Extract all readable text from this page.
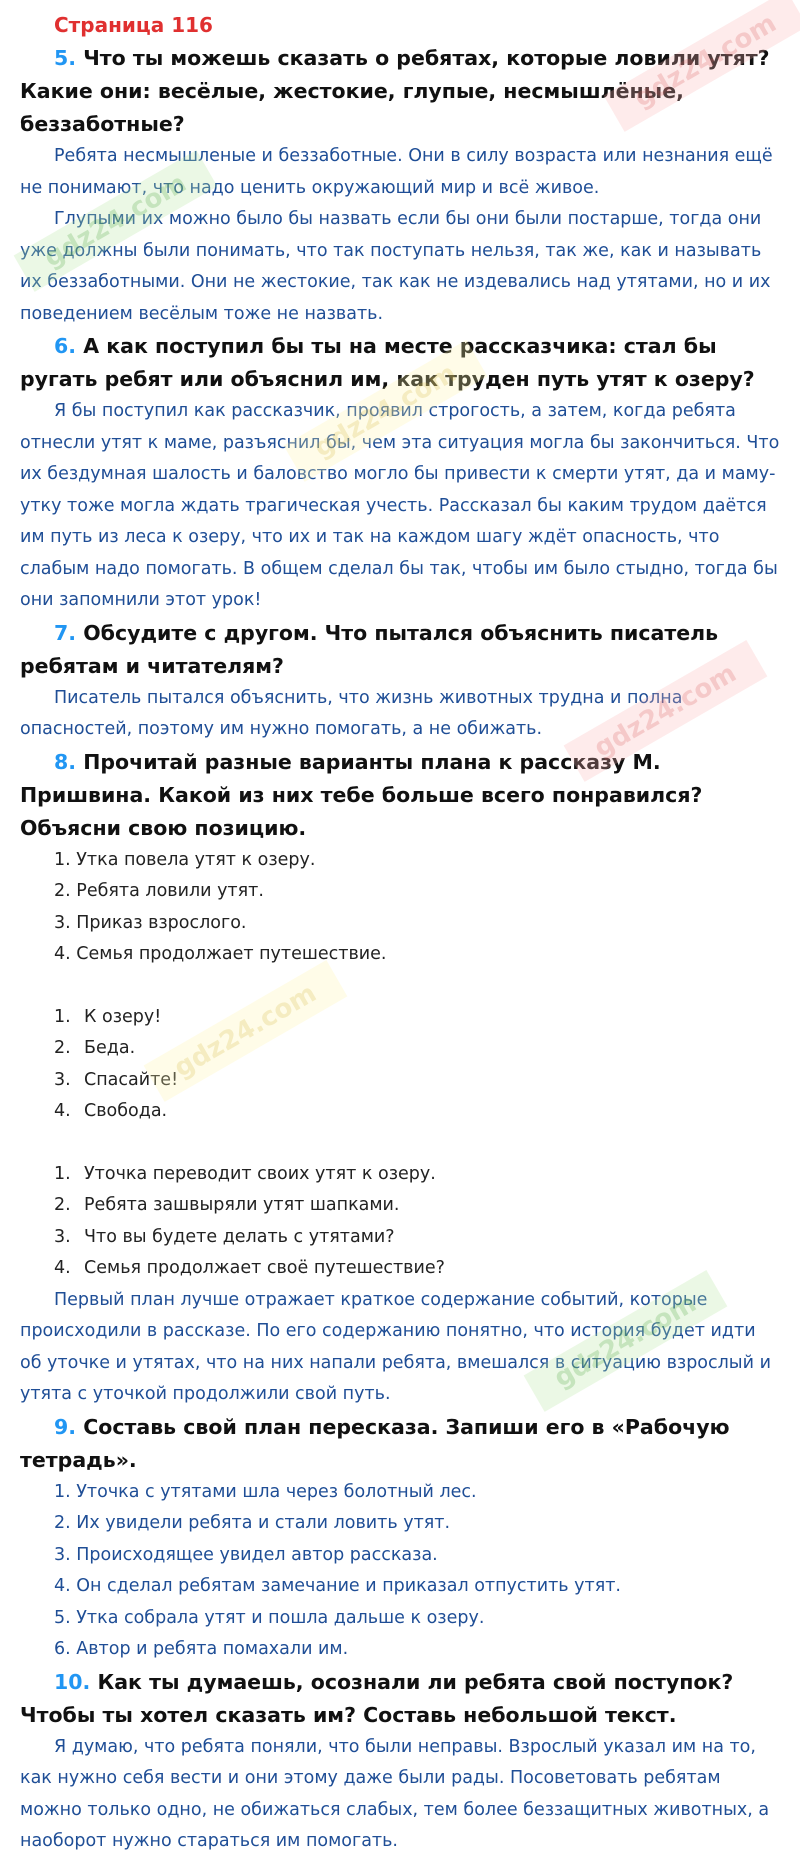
Страница 116

5. Что ты можешь сказать о ребятах, которые ловили утят? Какие они: весёлые, жестокие, глупые, несмышлёные, беззаботные?

Ребята несмышленые и беззаботные. Они в силу возраста или незнания ещё не понимают, что надо ценить окружающий мир и всё живое.

Глупыми их можно было бы назвать если бы они были постарше, тогда они уже должны были понимать, что так поступать нельзя, так же, как и называть их беззаботными. Они не жестокие, так как не издевались над утятами, но и их поведением весёлым тоже не назвать.

6. А как поступил бы ты на месте рассказчика: стал бы ругать ребят или объяснил им, как труден путь утят к озеру?

Я бы поступил как рассказчик, проявил строгость, а затем, когда ребята отнесли утят к маме, разъяснил бы, чем эта ситуация могла бы закончиться. Что их бездумная шалость и баловство могло бы привести к смерти утят, да и маму-утку тоже могла ждать трагическая учесть. Рассказал бы каким трудом даётся им путь из леса к озеру, что их и так на каждом шагу ждёт опасность, что слабым надо помогать. В общем сделал бы так, чтобы им было стыдно, тогда бы они запомнили этот урок!

7. Обсудите с другом. Что пытался объяснить писатель ребятам и читателям?

Писатель пытался объяснить, что жизнь животных трудна и полна опасностей, поэтому им нужно помогать, а не обижать.

8. Прочитай разные варианты плана к рассказу М. Пришвина. Какой из них тебе больше всего понравился? Объясни свою позицию.

1. Утка повела утят к озеру.
2. Ребята ловили утят.
3. Приказ взрослого.
4. Семья продолжает путешествие.
1. К озеру!
2. Беда.
3. Спасайте!
4. Свобода.
1. Уточка переводит своих утят к озеру.
2. Ребята зашвыряли утят шапками.
3. Что вы будете делать с утятами?
4. Семья продолжает своё путешествие?

Первый план лучше отражает краткое содержание событий, которые происходили в рассказе. По его содержанию понятно, что история будет идти об уточке и утятах, что на них напали ребята, вмешался в ситуацию взрослый и утята с уточкой продолжили свой путь.

9. Составь свой план пересказа. Запиши его в «Рабочую тетрадь».

1. Уточка с утятами шла через болотный лес.
2. Их увидели ребята и стали ловить утят.
3. Происходящее увидел автор рассказа.
4. Он сделал ребятам замечание и приказал отпустить утят.
5. Утка собрала утят и пошла дальше к озеру.
6. Автор и ребята помахали им.

10. Как ты думаешь, осознали ли ребята свой поступок? Чтобы ты хотел сказать им? Составь небольшой текст.

Я думаю, что ребята поняли, что были неправы. Взрослый указал им на то, как нужно себя вести и они этому даже были рады. Посоветовать ребятам можно только одно, не обижаться слабых, тем более беззащитных животных, а наоборот нужно стараться им помогать.

gdz24.com
gdz24.com
gdz24.com
gdz24.com
gdz24.com
gdz24.com
